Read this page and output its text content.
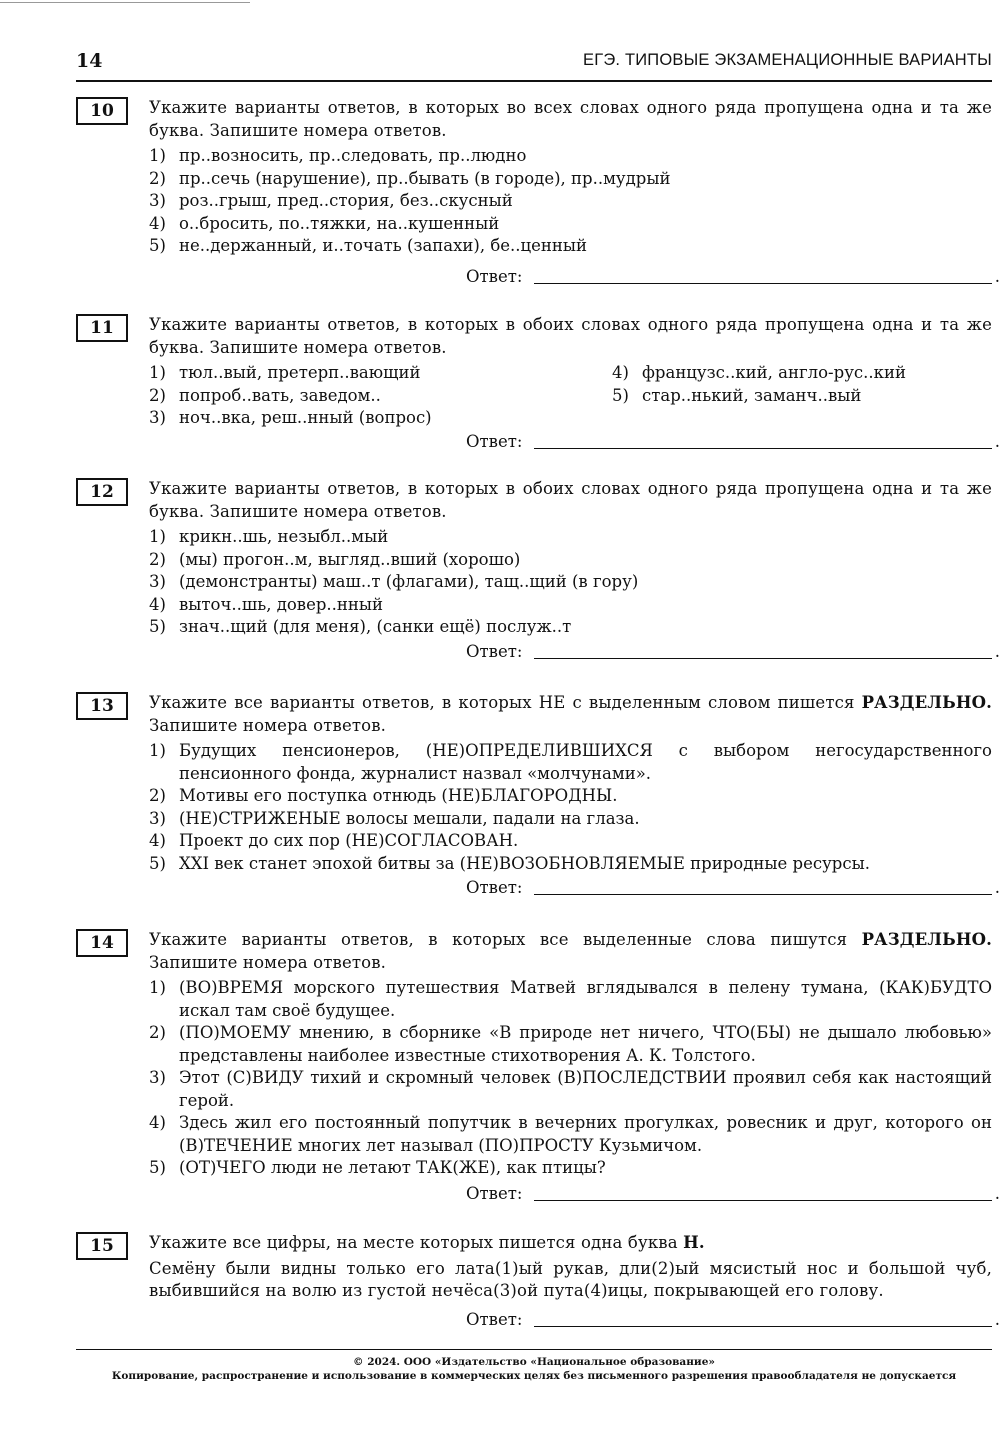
14	ЕГЭ. ТИПОВЫЕ ЭКЗАМЕНАЦИОННЫЕ ВАРИАНТЫ
10	Укажите варианты ответов, в которых во всех словах одного ряда пропущена одна и та же буква. Запишите номера ответов.
1) пр..возносить, пр..следовать, пр..людно
2) пр..сечь (нарушение), пр..бывать (в городе), пр..мудрый
3) роз..грыш, пред..стория, без..скусный
4) о..бросить, по..тяжки, на..кушенный
5) не..держанный, и..точать (запахи), бе..ценный
Ответ:	.
11	Укажите варианты ответов, в которых в обоих словах одного ряда пропущена одна и та же буква. Запишите номера ответов.
1) тюл..вый, претерп..вающий	4) французс..кий, англо-рус..кий
2) попроб..вать, заведом..	5) стар..нький, заманч..вый
3) ноч..вка, реш..нный (вопрос)
Ответ:	.
12	Укажите варианты ответов, в которых в обоих словах одного ряда пропущена одна и та же буква. Запишите номера ответов.
1) крикн..шь, незыбл..мый
2) (мы) прогон..м, выгляд..вший (хорошо)
3) (демонстранты) маш..т (флагами), тащ..щий (в гору)
4) выточ..шь, довер..нный
5) знач..щий (для меня), (санки ещё) послуж..т
Ответ:	.
13	Укажите все варианты ответов, в которых НЕ с выделенным словом пишется РАЗДЕЛЬНО. Запишите номера ответов.
1) Будущих пенсионеров, (НЕ)ОПРЕДЕЛИВШИХСЯ с выбором негосударственного пенсионного фонда, журналист назвал «молчунами».
2) Мотивы его поступка отнюдь (НЕ)БЛАГОРОДНЫ.
3) (НЕ)СТРИЖЕНЫЕ волосы мешали, падали на глаза.
4) Проект до сих пор (НЕ)СОГЛАСОВАН.
5) XXI век станет эпохой битвы за (НЕ)ВОЗОБНОВЛЯЕМЫЕ природные ресурсы.
Ответ:	.
14	Укажите варианты ответов, в которых все выделенные слова пишутся РАЗДЕЛЬНО. Запишите номера ответов.
1) (ВО)ВРЕМЯ морского путешествия Матвей вглядывался в пелену тумана, (КАК)БУДТО искал там своё будущее.
2) (ПО)МОЕМУ мнению, в сборнике «В природе нет ничего, ЧТО(БЫ) не дышало любовью» представлены наиболее известные стихотворения А. К. Толстого.
3) Этот (С)ВИДУ тихий и скромный человек (В)ПОСЛЕДСТВИИ проявил себя как настоящий герой.
4) Здесь жил его постоянный попутчик в вечерних прогулках, ровесник и друг, которого он (В)ТЕЧЕНИЕ многих лет называл (ПО)ПРОСТУ Кузьмичом.
5) (ОТ)ЧЕГО люди не летают ТАК(ЖЕ), как птицы?
Ответ:	.
15	Укажите все цифры, на месте которых пишется одна буква Н.
Семёну были видны только его лата(1)ый рукав, дли(2)ый мясистый нос и большой чуб, выбившийся на волю из густой нечёса(3)ой пута(4)ицы, покрывающей его голову.
Ответ:	.
© 2024. ООО «Издательство «Национальное образование»
Копирование, распространение и использование в коммерческих целях без письменного разрешения правообладателя не допускается
